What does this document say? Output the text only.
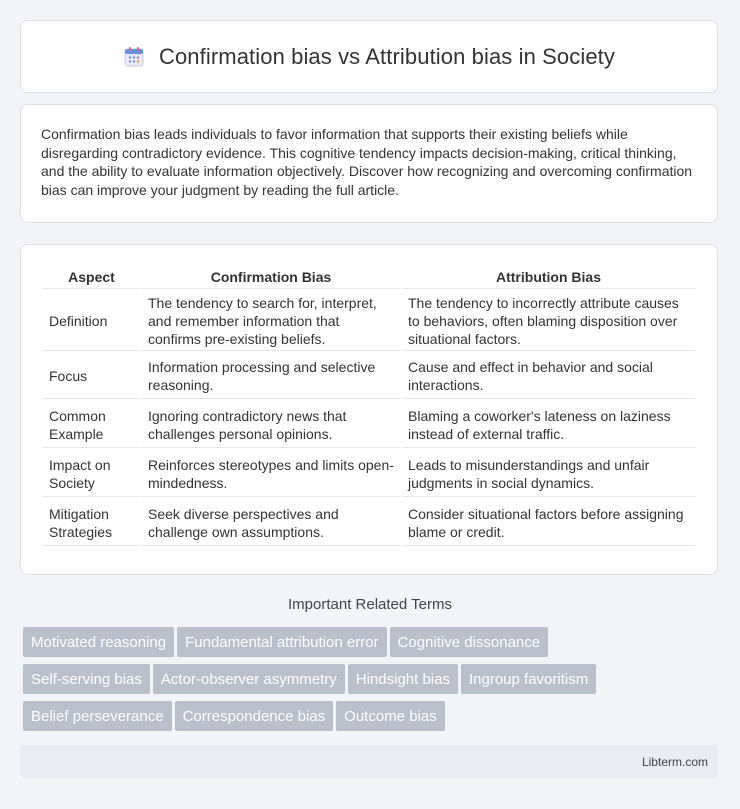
Confirmation bias vs Attribution bias in Society

Confirmation bias leads individuals to favor information that supports their existing beliefs while disregarding contradictory evidence. This cognitive tendency impacts decision-making, critical thinking, and the ability to evaluate information objectively. Discover how recognizing and overcoming confirmation bias can improve your judgment by reading the full article.

Aspect	Confirmation Bias	Attribution Bias
Definition	The tendency to search for, interpret, and remember information that confirms pre-existing beliefs.	The tendency to incorrectly attribute causes to behaviors, often blaming disposition over situational factors.
Focus	Information processing and selective reasoning.	Cause and effect in behavior and social interactions.
Common Example	Ignoring contradictory news that challenges personal opinions.	Blaming a coworker's lateness on laziness instead of external traffic.
Impact on Society	Reinforces stereotypes and limits open-mindedness.	Leads to misunderstandings and unfair judgments in social dynamics.
Mitigation Strategies	Seek diverse perspectives and challenge own assumptions.	Consider situational factors before assigning blame or credit.
Important Related Terms
Motivated reasoning Fundamental attribution error Cognitive dissonance
Self-serving bias Actor-observer asymmetry Hindsight bias Ingroup favoritism
Belief perseverance Correspondence bias Outcome bias
Libterm.com
